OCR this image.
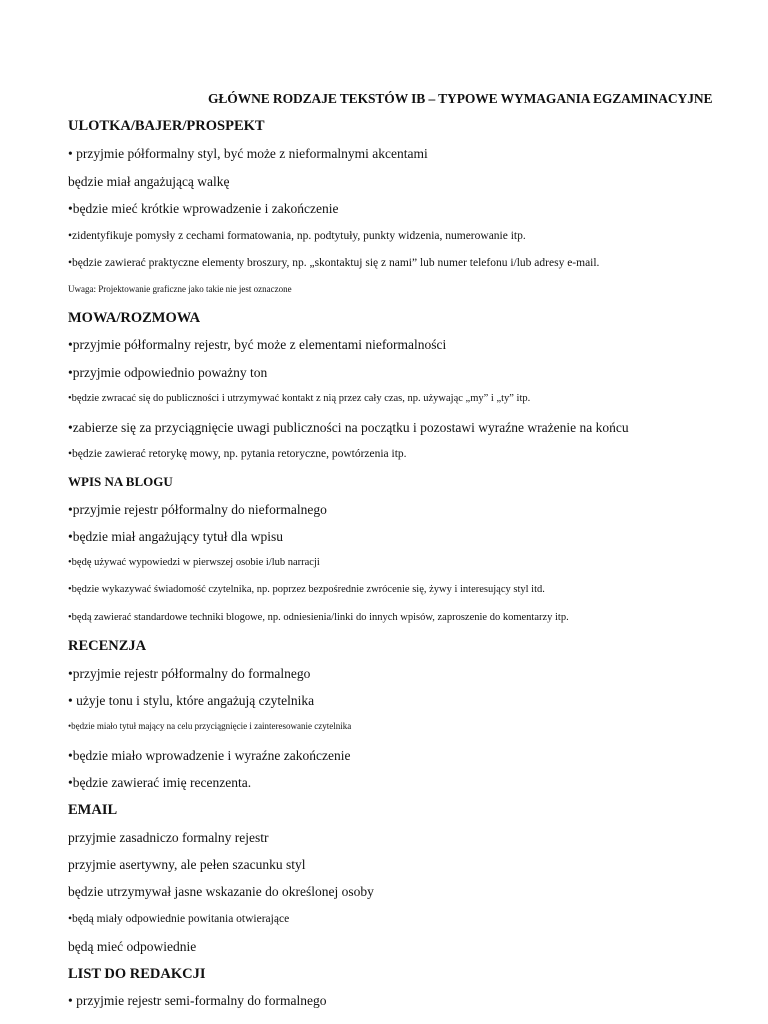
GŁÓWNE RODZAJE TEKSTÓW IB – TYPOWE WYMAGANIA EGZAMINACYJNE
ULOTKA/BAJER/PROSPEKT
• przyjmie półformalny styl, być może z nieformalnymi akcentami
będzie miał angażującą walkę
•będzie mieć krótkie wprowadzenie i zakończenie
•zidentyfikuje pomysły z cechami formatowania, np. podtytuły, punkty widzenia, numerowanie itp.
•będzie zawierać praktyczne elementy broszury, np. „skontaktuj się z nami” lub numer telefonu i/lub adresy e-mail.
Uwaga: Projektowanie graficzne jako takie nie jest oznaczone
MOWA/ROZMOWA
•przyjmie półformalny rejestr, być może z elementami nieformalności
•przyjmie odpowiednio poważny ton
•będzie zwracać się do publiczności i utrzymywać kontakt z nią przez cały czas, np. używając „my” i „ty” itp.
•zabierze się za przyciągnięcie uwagi publiczności na początku i pozostawi wyraźne wrażenie na końcu
•będzie zawierać retorykę mowy, np. pytania retoryczne, powtórzenia itp.
WPIS NA BLOGU
•przyjmie rejestr półformalny do nieformalnego
•będzie miał angażujący tytuł dla wpisu
•będę używać wypowiedzi w pierwszej osobie i/lub narracji
•będzie wykazywać świadomość czytelnika, np. poprzez bezpośrednie zwrócenie się, żywy i interesujący styl itd.
•będą zawierać standardowe techniki blogowe, np. odniesienia/linki do innych wpisów, zaproszenie do komentarzy itp.
RECENZJA
•przyjmie rejestr półformalny do formalnego
• użyje tonu i stylu, które angażują czytelnika
•będzie miało tytuł mający na celu przyciągnięcie i zainteresowanie czytelnika
•będzie miało wprowadzenie i wyraźne zakończenie
•będzie zawierać imię recenzenta.
EMAIL
przyjmie zasadniczo formalny rejestr
przyjmie asertywny, ale pełen szacunku styl
będzie utrzymywał jasne wskazanie do określonej osoby
•będą miały odpowiednie powitania otwierające
będą mieć odpowiednie
LIST DO REDAKCJI
• przyjmie rejestr semi-formalny do formalnego
